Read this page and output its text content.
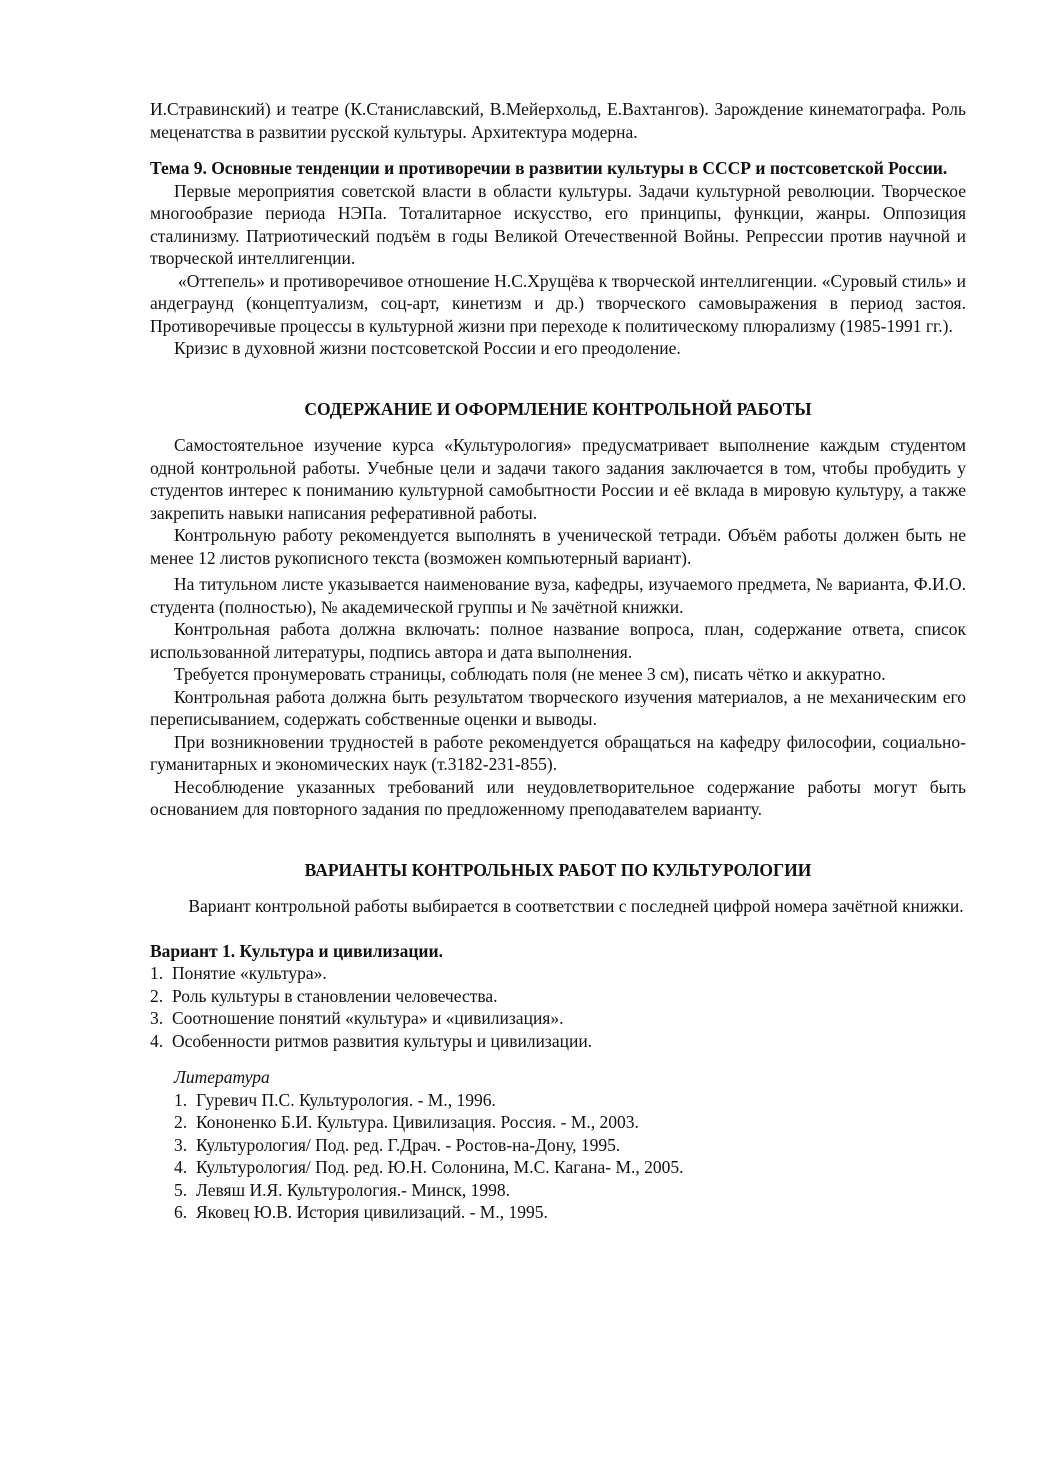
И.Стравинский) и театре (К.Станиславский, В.Мейерхольд, Е.Вахтангов). Зарождение кинематографа. Роль меценатства в развитии русской культуры. Архитектура модерна.

Тема 9. Основные тенденции и противоречии в развитии культуры в СССР и постсоветской России.

Первые мероприятия советской власти в области культуры. Задачи культурной революции. Творческое многообразие периода НЭПа. Тоталитарное искусство, его принципы, функции, жанры. Оппозиция сталинизму. Патриотический подъём в годы Великой Отечественной Войны. Репрессии против научной и творческой интеллигенции.

«Оттепель» и противоречивое отношение Н.С.Хрущёва к творческой интеллигенции. «Суровый стиль» и андеграунд (концептуализм, соц-арт, кинетизм и др.) творческого самовыражения в период застоя. Противоречивые процессы в культурной жизни при переходе к политическому плюрализму (1985-1991 гг.).

Кризис в духовной жизни постсоветской России и его преодоление.

СОДЕРЖАНИЕ И ОФОРМЛЕНИЕ КОНТРОЛЬНОЙ РАБОТЫ

Самостоятельное изучение курса «Культурология» предусматривает выполнение каждым студентом одной контрольной работы. Учебные цели и задачи такого задания заключается в том, чтобы пробудить у студентов интерес к пониманию культурной самобытности России и её вклада в мировую культуру, а также закрепить навыки написания реферативной работы.

Контрольную работу рекомендуется выполнять в ученической тетради. Объём работы должен быть не менее 12 листов рукописного текста (возможен компьютерный вариант).

На титульном листе указывается наименование вуза, кафедры, изучаемого предмета, № варианта, Ф.И.О. студента (полностью), № академической группы и № зачётной книжки.

Контрольная работа должна включать: полное название вопроса, план, содержание ответа, список использованной литературы, подпись автора и дата выполнения.

Требуется пронумеровать страницы, соблюдать поля (не менее 3 см), писать чётко и аккуратно.

Контрольная работа должна быть результатом творческого изучения материалов, а не механическим его переписыванием, содержать собственные оценки и выводы.

При возникновении трудностей в работе рекомендуется обращаться на кафедру философии, социально-гуманитарных и экономических наук (т.3182-231-855).

Несоблюдение указанных требований или неудовлетворительное содержание работы могут быть основанием для повторного задания по предложенному преподавателем варианту.

ВАРИАНТЫ КОНТРОЛЬНЫХ РАБОТ ПО КУЛЬТУРОЛОГИИ

Вариант контрольной работы выбирается в соответствии с последней цифрой номера зачётной книжки.

Вариант 1. Культура и цивилизации.

1. Понятие «культура».
2. Роль культуры в становлении человечества.
3. Соотношение понятий «культура» и «цивилизация».
4. Особенности ритмов развития культуры и цивилизации.

Литература

1. Гуревич П.С. Культурология. - М., 1996.
2. Кононенко Б.И. Культура. Цивилизация. Россия. - М., 2003.
3. Культурология/ Под. ред. Г.Драч. - Ростов-на-Дону, 1995.
4. Культурология/ Под. ред. Ю.Н. Солонина, М.С. Кагана- М., 2005.
5. Левяш И.Я. Культурология.- Минск, 1998.
6. Яковец Ю.В. История цивилизаций. - М., 1995.
